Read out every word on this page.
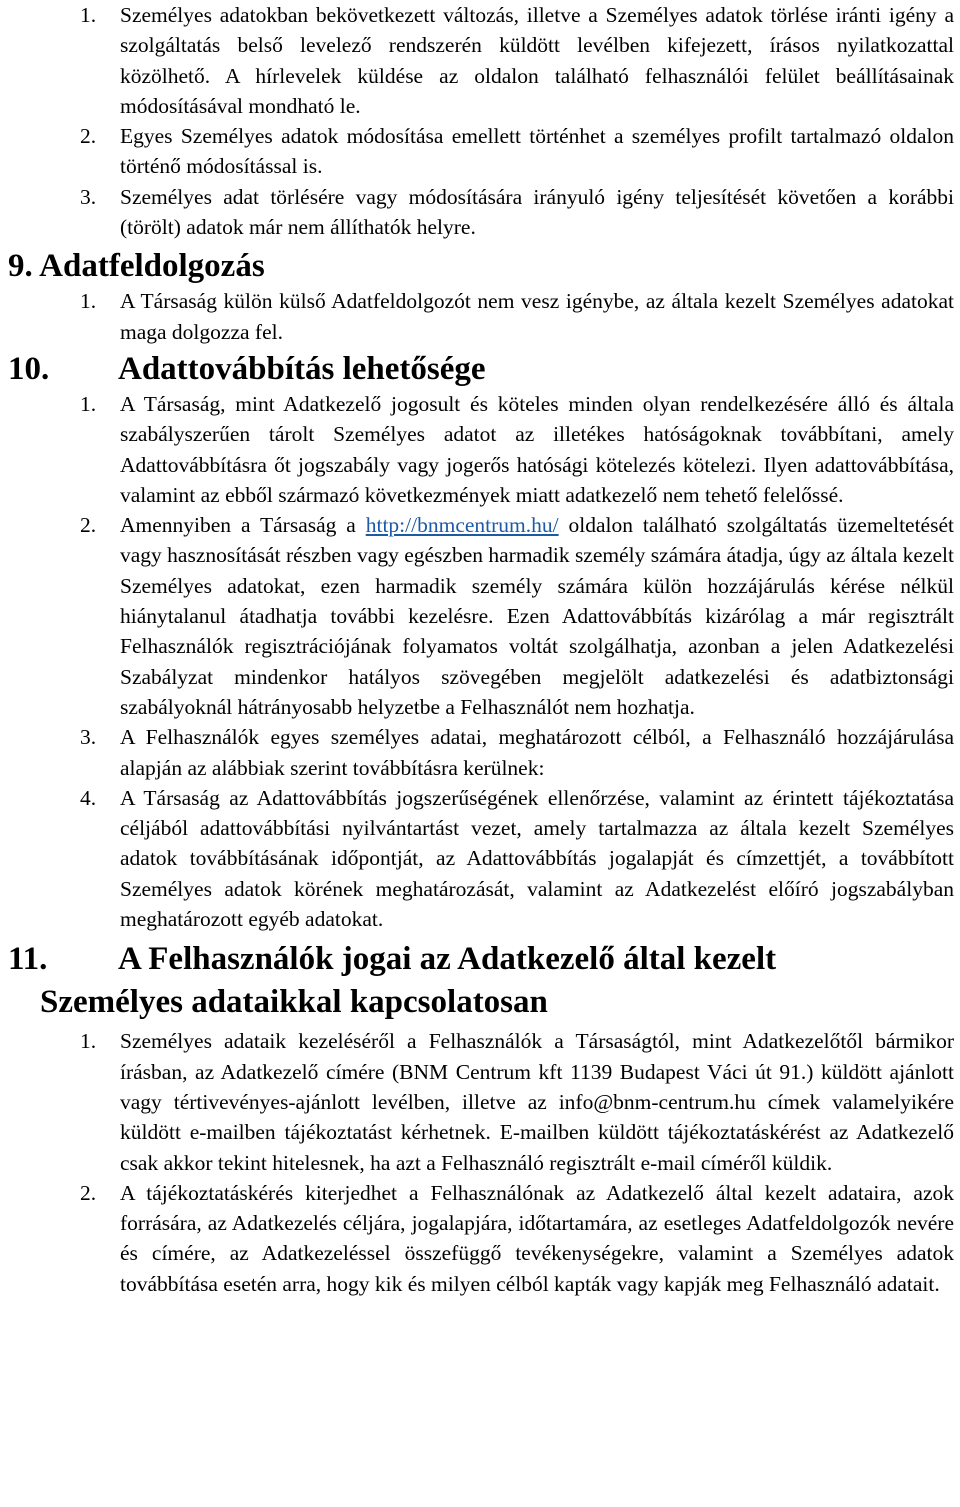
1. Személyes adatokban bekövetkezett változás, illetve a Személyes adatok törlése iránti igény a szolgáltatás belső levelező rendszerén küldött levélben kifejezett, írásos nyilatkozattal közölhető. A hírlevelek küldése az oldalon található felhasználói felület beállításainak módosításával mondható le.
2. Egyes Személyes adatok módosítása emellett történhet a személyes profilt tartalmazó oldalon történő módosítással is.
3. Személyes adat törlésére vagy módosítására irányuló igény teljesítését követően a korábbi (törölt) adatok már nem állíthatók helyre.
9. Adatfeldolgozás
1. A Társaság külön külső Adatfeldolgozót nem vesz igénybe, az általa kezelt Személyes adatokat maga dolgozza fel.
10. Adattovábbítás lehetősége
1. A Társaság, mint Adatkezelő jogosult és köteles minden olyan rendelkezésére álló és általa szabályszerűen tárolt Személyes adatot az illetékes hatóságoknak továbbítani, amely Adattovábbításra őt jogszabály vagy jogerős hatósági kötelezés kötelezi. Ilyen adattovábbítása, valamint az ebből származó következmények miatt adatkezelő nem tehető felelőssé.
2. Amennyiben a Társaság a http://bnmcentrum.hu/ oldalon található szolgáltatás üzemeltetését vagy hasznosítását részben vagy egészben harmadik személy számára átadja, úgy az általa kezelt Személyes adatokat, ezen harmadik személy számára külön hozzájárulás kérése nélkül hiánytalanul átadhatja további kezelésre. Ezen Adattovábbítás kizárólag a már regisztrált Felhasználók regisztrációjának folyamatos voltát szolgálhatja, azonban a jelen Adatkezelési Szabályzat mindenkor hatályos szövegében megjelölt adatkezelési és adatbiztonsági szabályoknál hátrányosabb helyzetbe a Felhasználót nem hozhatja.
3. A Felhasználók egyes személyes adatai, meghatározott célból, a Felhasználó hozzájárulása alapján az alábbiak szerint továbbításra kerülnek:
4. A Társaság az Adattovábbítás jogszerűségének ellenőrzése, valamint az érintett tájékoztatása céljából adattovábbítási nyilvántartást vezet, amely tartalmazza az általa kezelt Személyes adatok továbbításának időpontját, az Adattovábbítás jogalapját és címzettjét, a továbbított Személyes adatok körének meghatározását, valamint az Adatkezelést előíró jogszabályban meghatározott egyéb adatokat.
11. A Felhasználók jogai az Adatkezelő által kezelt
Személyes adataikkal kapcsolatosan
1. Személyes adataik kezeléséről a Felhasználók a Társaságtól, mint Adatkezelőtől bármikor írásban, az Adatkezelő címére (BNM Centrum kft 1139 Budapest Váci út 91.) küldött ajánlott vagy tértivevényes-ajánlott levélben, illetve az info@bnm-centrum.hu címek valamelyikére küldött e-mailben tájékoztatást kérhetnek. E-mailben küldött tájékoztatáskérést az Adatkezelő csak akkor tekint hitelesnek, ha azt a Felhasználó regisztrált e-mail címéről küldik.
2. A tájékoztatáskérés kiterjedhet a Felhasználónak az Adatkezelő által kezelt adataira, azok forrására, az Adatkezelés céljára, jogalapjára, időtartamára, az esetleges Adatfeldolgozók nevére és címére, az Adatkezeléssel összefüggő tevékenységekre, valamint a Személyes adatok továbbítása esetén arra, hogy kik és milyen célból kapták vagy kapják meg Felhasználó adatait.
